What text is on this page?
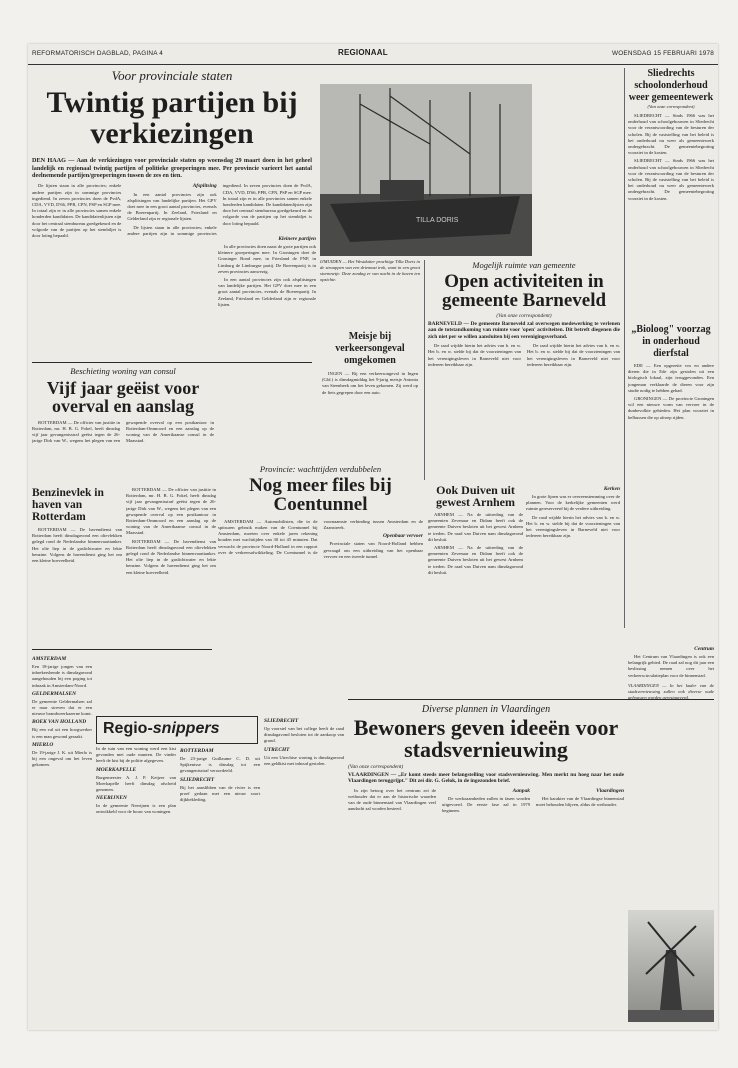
REFORMATORISCH DAGBLAD, PAGINA 4	REGIONAAL	WOENSDAG 15 FEBRUARI 1978
Voor provinciale staten
Twintig partijen bij verkiezingen
DEN HAAG — Aan de verkiezingen voor provinciale staten op woensdag 29 maart doen in het geheel landelijk en regionaal twintig partijen of politieke groeperingen mee. Per provincie varieert het aantal deelnemende partijen/groeperingen tussen de zes en tien.

De lijsten staan in alle provincies; enkele andere partijen zijn in sommige provincies ingediend. In zeven provincies doen de PvdA, CDA, VVD, D'66, PPR, CPN, PSP en SGP mee. In totaal zijn er in alle provincies samen enkele honderden kandidaten. De kandidatenlijsten zijn door het centraal stembureau goedgekeurd en de volgorde van de partijen op het stembiljet is door loting bepaald.

Afsplitsing

In een aantal provincies zijn ook afsplitsingen van landelijke partijen. Het GPV doet mee in een groot aantal provincies, evenals de Boerenpartij. In Zeeland, Friesland en Gelderland zijn er regionale lijsten.

De lijsten staan in alle provincies; enkele andere partijen zijn in sommige provincies ingediend. In zeven provincies doen de PvdA, CDA, VVD, D'66, PPR, CPN, PSP en SGP mee. In totaal zijn er in alle provincies samen enkele honderden kandidaten. De kandidatenlijsten zijn door het centraal stembureau goedgekeurd en de volgorde van de partijen op het stembiljet is door loting bepaald.

Kleinere partijen

In alle provincies doen naast de grote partijen ook kleinere groeperingen mee. In Groningen doet de Groninger Bond mee, in Friesland de FNP, in Limburg de Limburgse partij. De Boerenpartij is in zeven provincies aanwezig.

In een aantal provincies zijn ook afsplitsingen van landelijke partijen. Het GPV doet mee in een groot aantal provincies, evenals de Boerenpartij. In Zeeland, Friesland en Gelderland zijn er regionale lijsten.

Beschieting woning van consul
Vijf jaar geëist voor overval en aanslag

ROTTERDAM — De officier van justitie in Rotterdam, mr. H. B. G. Fokel, heeft dinsdag vijf jaar gevangenisstraf geëist tegen de 26-jarige Dirk van W., wegens het plegen van een gewapende overval op een postkantoor in Rotterdam-Ommoord en een aanslag op de woning van de Amerikaanse consul in de Maasstad.

Benzinevlek in haven van Rotterdam

ROTTERDAM — De havendienst van Rotterdam heeft dinsdagavond een olievlekken gelegd rond de Nederlandse binnenvaarttanker. Het olie liep in de gaslichtwater en lekte benzine. Volgens de havendienst ging het om een kleine hoeveelheid.

ROTTERDAM — De officier van justitie in Rotterdam, mr. H. B. G. Fokel, heeft dinsdag vijf jaar gevangenisstraf geëist tegen de 26-jarige Dirk van W., wegens het plegen van een gewapende overval op een postkantoor in Rotterdam-Ommoord en een aanslag op de woning van de Amerikaanse consul in de Maasstad.

ROTTERDAM — De havendienst van Rotterdam heeft dinsdagavond een olievlekken gelegd rond de Nederlandse binnenvaarttanker. Het olie liep in de gaslichtwater en lekte benzine. Volgens de havendienst ging het om een kleine hoeveelheid.

TILLA DORIS
IJMUIDEN — Het Westduiter prachtige Tilla Doris in de straappen van een driemast trok, want in een groot stormnetje. Deze zondag er van nacht in de haven ten opzichte.
Meisje bij verkeersongeval omgekomen

INGEN — Bij een verkeersongeval in Ingen (Gld.) is dinsdagmiddag het 9-jarig meisje Antonia van Steenbeek om het leven gekomen. Zij werd op de fiets gegrepen door een auto.

Mogelijk ruimte van gemeente
Open activiteiten in gemeente Barneveld
(Van onze correspondent)
BARNEVELD — De gemeente Barneveld zal overwegen medewerking te verlenen aan de totstandkoming van ruimte voor 'open' activiteiten. Dit betreft diegenen die zich niet per se willen aansluiten bij een verenigingsverband.

De raad wijdde hierin het advies van b. en w. Het b. en w. stelde bij dat de voorzieningen van het verenigingsleven in Barneveld niet voor iedereen bereikbaar zijn.

De raad wijdde hierin het advies van b. en w. Het b. en w. stelde bij dat de voorzieningen van het verenigingsleven in Barneveld niet voor iedereen bereikbaar zijn.

Ook Duiven uit gewest Arnhem

ARNHEM — Na de uittreding van de gemeenten Zevenaar en Didam heeft ook de gemeente Duiven besloten uit het gewest Arnhem te treden. De raad van Duiven nam dinsdagavond dit besluit.

ARNHEM — Na de uittreding van de gemeenten Zevenaar en Didam heeft ook de gemeente Duiven besloten uit het gewest Arnhem te treden. De raad van Duiven nam dinsdagavond dit besluit.

Kerken

In grote lijnen was er overeenstemming over de plannen. Voor de kerkelijke gemeenten werd ruimte gereserveerd bij de verdere uitbreiding.

De raad wijdde hierin het advies van b. en w. Het b. en w. stelde bij dat de voorzieningen van het verenigingsleven in Barneveld niet voor iedereen bereikbaar zijn.

Provincie: wachttijden verdubbelen
Nog meer files bij Coentunnel

AMSTERDAM — Automobilisten, die in de spitsuren gebruik maken van de Coentunnel bij Amsterdam, moeten over enkele jaren rekening houden met wachttijden van 30 tot 45 minuten. Dat verwacht de provincie Noord-Holland in een rapport over de verkeersafwikkeling. De Coentunnel is de voornaamste verbinding tussen Amsterdam en de Zaanstreek.

Openbaar vervoer

Provinciale staten van Noord-Holland hebben gevraagd om een uitbreiding van het openbaar vervoer en een tweede tunnel.

Sliedrechts schoolonderhoud weer gemeentewerk
(Van onze correspondent)

SLIEDRECHT — Sinds 1966 was het onderhoud van schoolgebouwen in Sliedrecht voor de verantwoording van de besturen der scholen. Bij de vaststelling van het beleid is het onderhoud nu weer als gemeentewerk ondergebracht. De gemeentebegroting voorziet in de kosten.

SLIEDRECHT — Sinds 1966 was het onderhoud van schoolgebouwen in Sliedrecht voor de verantwoording van de besturen der scholen. Bij de vaststelling van het beleid is het onderhoud nu weer als gemeentewerk ondergebracht. De gemeentebegroting voorziet in de kosten.

„Bioloog" voorzag in onderhoud dierfstal

EDE — Een opgezette vos en andere dieren die in Ede zijn gestolen uit een biologisch lokaal, zijn teruggevonden. Een jongeman verklaarde de dieren voor zijn studie nodig te hebben gehad.

GRONINGEN — De provincie Groningen wil een nieuwe vorm van vervoer in de dunbevolkte gebieden. Het plan voorziet in belbussen die op afroep rijden.

AMSTERDAM
Een 18-jarige jongen van een inbrekersbende is dinsdagavond aangehouden bij een poging tot inbraak in Amsterdam-Noord.
GELDERMALSEN
De gemeente Geldermalsen zal er naar streven dat er een nieuwe brandweerkazerne komt.
BOEK VAN HOLLAND
Bij een val uit een hoogwerker is een man gewond geraakt.
MIERLO
De 19-jarige J. K. uit Mierlo is bij een ongeval om het leven gekomen.
Regio-snippers
In de tuin van een woning werd een kist gevonden met oude munten. De vinder heeft de kist bij de politie afgegeven.
MOERKAPELLE
Burgemeester A. J. P. Keijzer van Moerkapelle heeft dinsdag afscheid genomen.
NEERIJNEN
In de gemeente Neerijnen is een plan ontwikkeld voor de bouw van woningen.
ROTTERDAM
De 23-jarige Guillaume C. D. uit Spijkenisse is dinsdag tot een gevangenisstraf veroordeeld.
SLIEDRECHT
Bij het aanslibben van de rivier is een proef gedaan met een nieuw soort dijkbekleding.
SLIEDRECHT
Op voorstel van het college heeft de raad dinsdagavond besloten tot de aankoop van grond.
UTRECHT
Uit een Utrechtse woning is dinsdagavond een geldkist met inhoud gestolen.
Diverse plannen in Vlaardingen
Bewoners geven ideeën voor stadsvernieuwing
(Van onze correspondent)
VLAARDINGEN — „Er komt steeds meer belangstelling voor stadsvernieuwing. Men merkt nu hoeg naar het oude Vlaardingen teruggrijpt." Dit zei dir. G. Gelok, in de ingezonden brief.

In zijn betoog over het centrum zei de wethouder dat er aan de historische waarden van de oude binnenstad van Vlaardingen veel aandacht zal worden besteed.

Aanpak

De werkzaamheden zullen in fasen worden uitgevoerd. De eerste fase zal in 1979 beginnen.

Vlaardingen

Het karakter van de Vlaardingse binnenstad moet behouden blijven, aldus de wethouder.

Centrum

Het Centrum van Vlaardingen is ook een belangrijk gebied. De raad zal nog dit jaar een beslissing nemen over het verkeerscirculatieplan voor de binnenstad.

VLAARDINGEN — In het kader van de stadsvernieuwing zullen ook diverse oude gebouwen worden gerestaureerd.
